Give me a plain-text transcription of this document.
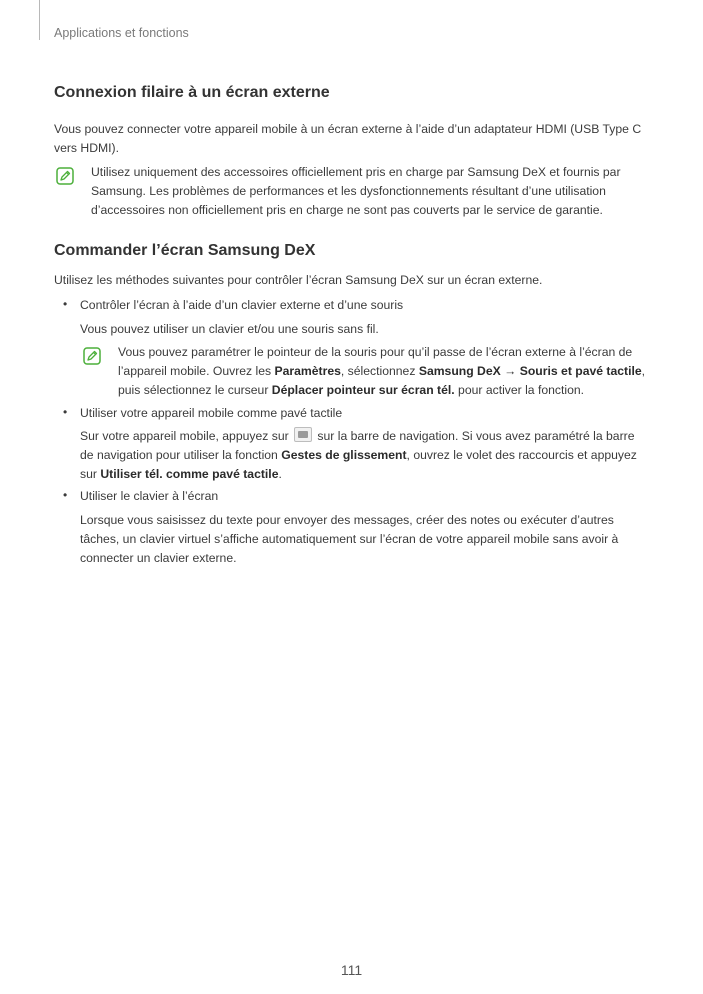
Applications et fonctions
Connexion filaire à un écran externe

Vous pouvez connecter votre appareil mobile à un écran externe à l’aide d’un adaptateur HDMI (USB Type C vers HDMI).

Utilisez uniquement des accessoires officiellement pris en charge par Samsung DeX et fournis par Samsung. Les problèmes de performances et les dysfonctionnements résultant d’une utilisation d’accessoires non officiellement pris en charge ne sont pas couverts par le service de garantie.

Commander l’écran Samsung DeX

Utilisez les méthodes suivantes pour contrôler l’écran Samsung DeX sur un écran externe.

• Contrôler l’écran à l’aide d’un clavier externe et d’une souris

Vous pouvez utiliser un clavier et/ou une souris sans fil.

Vous pouvez paramétrer le pointeur de la souris pour qu’il passe de l’écran externe à l’écran de l’appareil mobile. Ouvrez les Paramètres, sélectionnez Samsung DeX → Souris et pavé tactile, puis sélectionnez le curseur Déplacer pointeur sur écran tél. pour activer la fonction.

• Utiliser votre appareil mobile comme pavé tactile

Sur votre appareil mobile, appuyez sur  sur la barre de navigation. Si vous avez paramétré la barre de navigation pour utiliser la fonction Gestes de glissement, ouvrez le volet des raccourcis et appuyez sur Utiliser tél. comme pavé tactile.

• Utiliser le clavier à l’écran

Lorsque vous saisissez du texte pour envoyer des messages, créer des notes ou exécuter d’autres tâches, un clavier virtuel s’affiche automatiquement sur l’écran de votre appareil mobile sans avoir à connecter un clavier externe.

111
